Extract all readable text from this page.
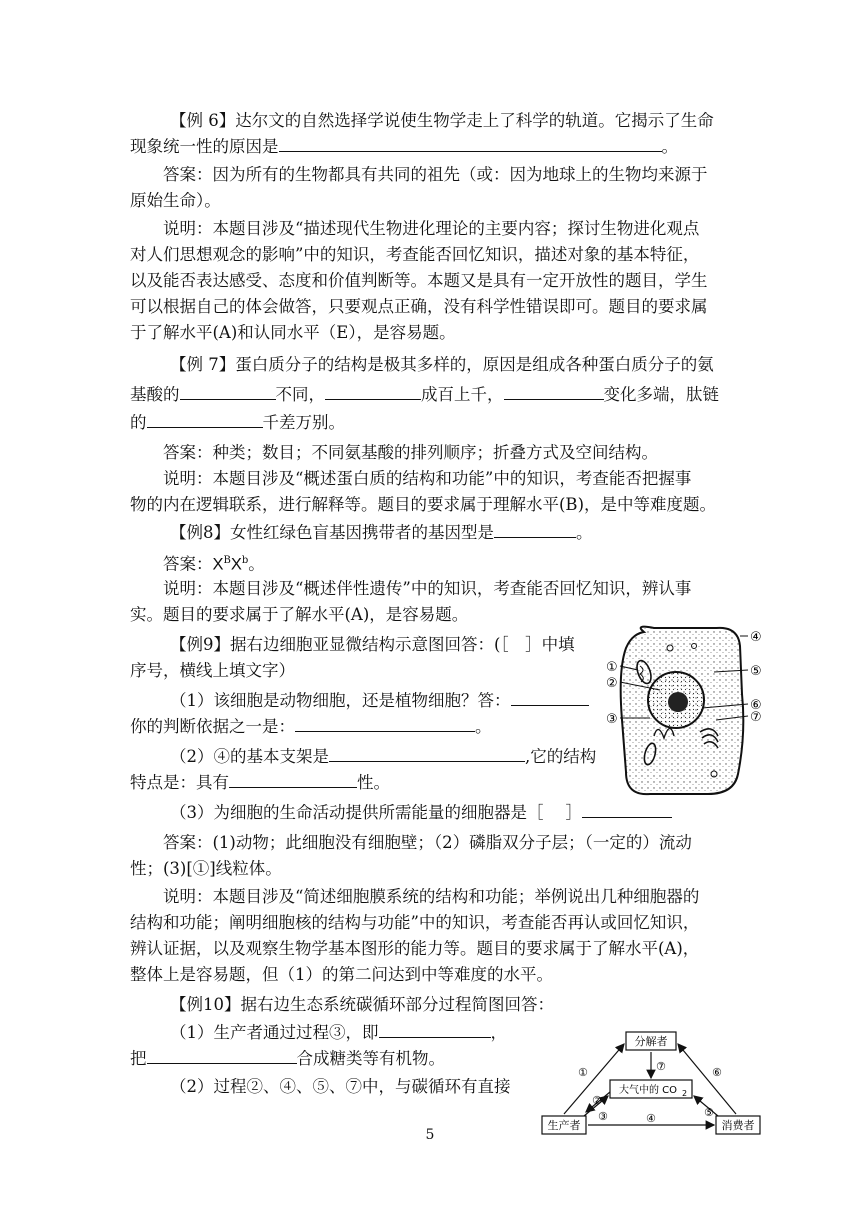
【例 6】达尔文的自然选择学说使生物学走上了科学的轨道。它揭示了生命
现象统一性的原因是	。
答案：因为所有的生物都具有共同的祖先（或：因为地球上的生物均来源于
原始生命）。
说明：本题目涉及“描述现代生物进化理论的主要内容；探讨生物进化观点
对人们思想观念的影响”中的知识，考查能否回忆知识，描述对象的基本特征，
以及能否表达感受、态度和价值判断等。本题又是具有一定开放性的题目，学生
可以根据自己的体会做答，只要观点正确，没有科学性错误即可。题目的要求属
于了解水平(A)和认同水平（E），是容易题。
【例 7】蛋白质分子的结构是极其多样的，原因是组成各种蛋白质分子的氨
基酸的	不同，	成百上千，	变化多端，肽链
的	千差万别。
答案：种类；数目；不同氨基酸的排列顺序；折叠方式及空间结构。
说明：本题目涉及“概述蛋白质的结构和功能”中的知识，考查能否把握事
物的内在逻辑联系，进行解释等。题目的要求属于理解水平(B)，是中等难度题。
【例8】女性红绿色盲基因携带者的基因型是	。
答案：$X^BX^b$。
说明：本题目涉及“概述伴性遗传”中的知识，考查能否回忆知识，辨认事
实。题目的要求属于了解水平(A)，是容易题。
【例9】据右边细胞亚显微结构示意图回答：(［　］中填
序号，横线上填文字）
（1）该细胞是动物细胞，还是植物细胞？答：
你的判断依据之一是：	。
（2）④的基本支架是	,它的结构
特点是：具有	性。
（3）为细胞的生命活动提供所需能量的细胞器是［ ］
答案：(1)动物；此细胞没有细胞壁；（2）磷脂双分子层；（一定的）流动
性；(3)[①]线粒体。
说明：本题目涉及“简述细胞膜系统的结构和功能；举例说出几种细胞器的
结构和功能；阐明细胞核的结构与功能”中的知识，考查能否再认或回忆知识，
辨认证据，以及观察生物学基本图形的能力等。题目的要求属于了解水平(A)，
整体上是容易题，但（1）的第二问达到中等难度的水平。
【例10】据右边生态系统碳循环部分过程简图回答：
（1）生产者通过过程③，即	，
把	合成糖类等有机物。
（2）过程②、④、⑤、⑦中，与碳循环有直接
④
①	⑤
②
⑥
③	⑦
分解者
大气中的 CO 2
生产者	消费者
①	⑦	⑥
②
③	⑤
④
5
